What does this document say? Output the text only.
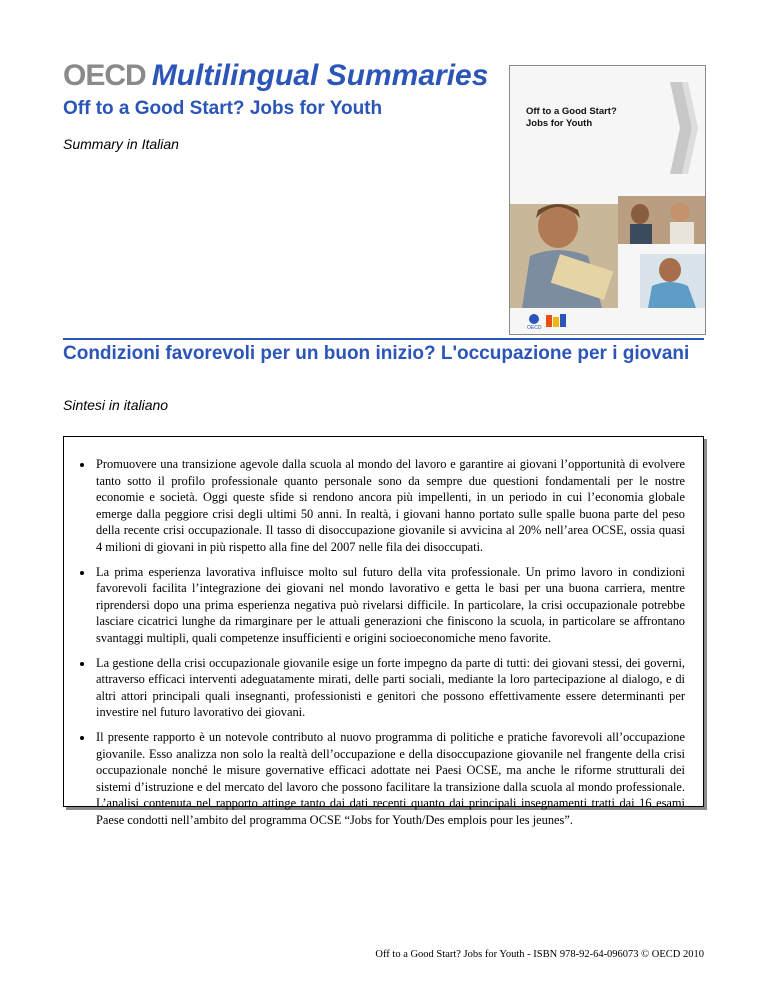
OECD Multilingual Summaries
Off to a Good Start? Jobs for Youth

Summary in Italian

Off to a Good Start?
Jobs for Youth
OECD
Condizioni favorevoli per un buon inizio? L'occupazione per i giovani

Sintesi in italiano

• Promuovere una transizione agevole dalla scuola al mondo del lavoro e garantire ai giovani l’opportunità di evolvere tanto sotto il profilo professionale quanto personale sono da sempre due questioni fondamentali per le nostre economie e società. Oggi queste sfide si rendono ancora più impellenti, in un periodo in cui l’economia globale emerge dalla peggiore crisi degli ultimi 50 anni. In realtà, i giovani hanno portato sulle spalle buona parte del peso della recente crisi occupazionale. Il tasso di disoccupazione giovanile si avvicina al 20% nell’area OCSE, ossia quasi 4 milioni di giovani in più rispetto alla fine del 2007 nelle fila dei disoccupati.
• La prima esperienza lavorativa influisce molto sul futuro della vita professionale. Un primo lavoro in condizioni favorevoli facilita l’integrazione dei giovani nel mondo lavorativo e getta le basi per una buona carriera, mentre riprendersi dopo una prima esperienza negativa può rivelarsi difficile. In particolare, la crisi occupazionale potrebbe lasciare cicatrici lunghe da rimarginare per le attuali generazioni che finiscono la scuola, in particolare se affrontano svantaggi multipli, quali competenze insufficienti e origini socioeconomiche meno favorite.
• La gestione della crisi occupazionale giovanile esige un forte impegno da parte di tutti: dei giovani stessi, dei governi, attraverso efficaci interventi adeguatamente mirati, delle parti sociali, mediante la loro partecipazione al dialogo, e di altri attori principali quali insegnanti, professionisti e genitori che possono effettivamente essere determinanti per investire nel futuro lavorativo dei giovani.
• Il presente rapporto è un notevole contributo al nuovo programma di politiche e pratiche favorevoli all’occupazione giovanile. Esso analizza non solo la realtà dell’occupazione e della disoccupazione giovanile nel frangente della crisi occupazionale nonché le misure governative efficaci adottate nei Paesi OCSE, ma anche le riforme strutturali dei sistemi d’istruzione e del mercato del lavoro che possono facilitare la transizione dalla scuola al mondo professionale. L’analisi contenuta nel rapporto attinge tanto dai dati recenti quanto dai principali insegnamenti tratti dai 16 esami Paese condotti nell’ambito del programma OCSE “Jobs for Youth/Des emplois pour les jeunes”.
Off to a Good Start? Jobs for Youth - ISBN 978-92-64-096073 © OECD 2010
